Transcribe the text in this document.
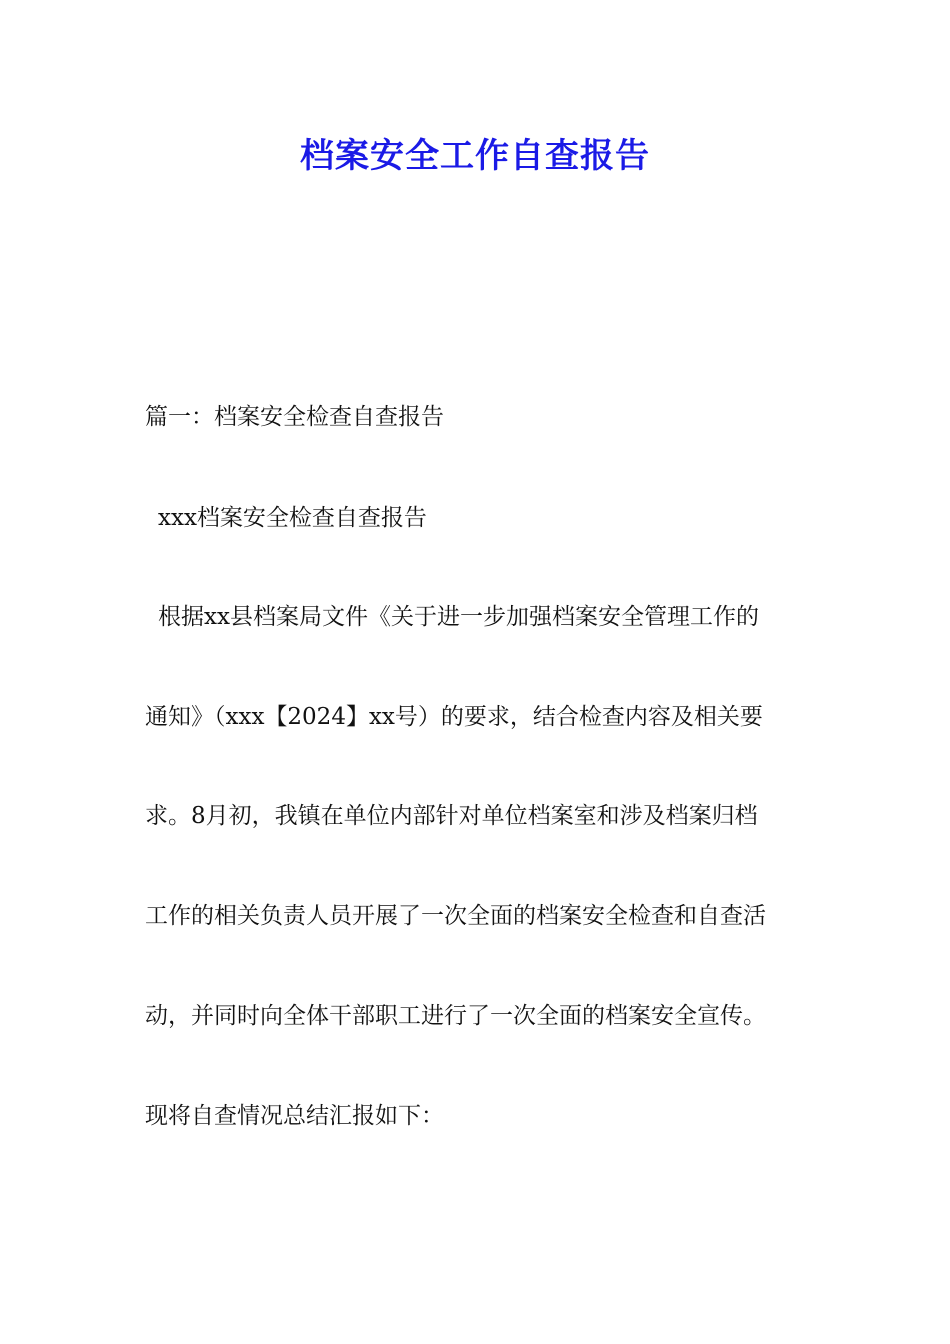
档案安全工作自查报告

篇一：档案安全检查自查报告

xxx档案安全检查自查报告

根据xx县档案局文件《关于进一步加强档案安全管理工作的

通知》（xxx【2024】xx号）的要求，结合检查内容及相关要

求。8月初，我镇在单位内部针对单位档案室和涉及档案归档

工作的相关负责人员开展了一次全面的档案安全检查和自查活

动，并同时向全体干部职工进行了一次全面的档案安全宣传。

现将自查情况总结汇报如下：
